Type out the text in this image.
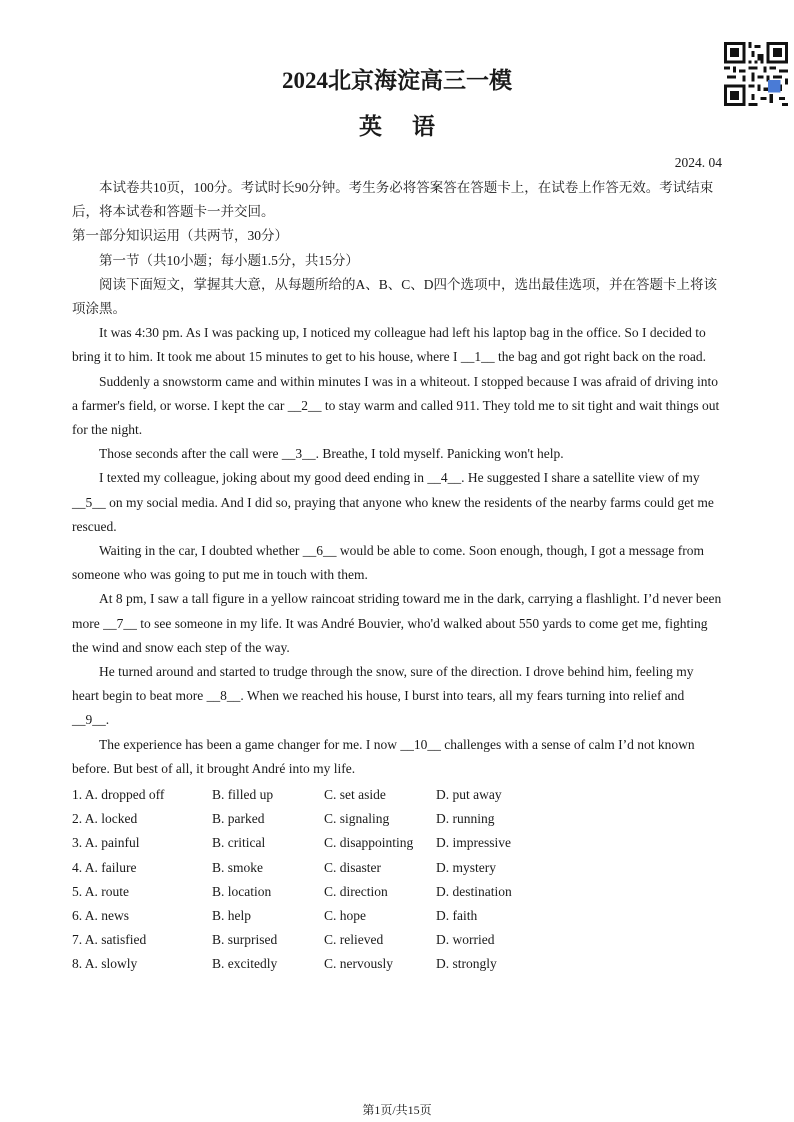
2024北京海淀高三一模
英语
2024. 04

本试卷共10页，100分。考试时长90分钟。考生务必将答案答在答题卡上，在试卷上作答无效。考试结束后，将本试卷和答题卡一并交回。

第一部分知识运用（共两节，30分）

第一节（共10小题；每小题1.5分，共15分）

阅读下面短文，掌握其大意，从每题所给的A、B、C、D四个选项中，选出最佳选项，并在答题卡上将该项涂黑。

It was 4:30 pm. As I was packing up, I noticed my colleague had left his laptop bag in the office. So I decided to bring it to him. It took me about 15 minutes to get to his house, where I __1__ the bag and got right back on the road.

Suddenly a snowstorm came and within minutes I was in a whiteout. I stopped because I was afraid of driving into a farmer's field, or worse. I kept the car __2__ to stay warm and called 911. They told me to sit tight and wait things out for the night.

Those seconds after the call were __3__. Breathe, I told myself. Panicking won't help.

I texted my colleague, joking about my good deed ending in __4__. He suggested I share a satellite view of my __5__ on my social media. And I did so, praying that anyone who knew the residents of the nearby farms could get me rescued.

Waiting in the car, I doubted whether __6__ would be able to come. Soon enough, though, I got a message from someone who was going to put me in touch with them.

At 8 pm, I saw a tall figure in a yellow raincoat striding toward me in the dark, carrying a flashlight. I’d never been more __7__ to see someone in my life. It was André Bouvier, who'd walked about 550 yards to come get me, fighting the wind and snow each step of the way.

He turned around and started to trudge through the snow, sure of the direction. I drove behind him, feeling my heart begin to beat more __8__. When we reached his house, I burst into tears, all my fears turning into relief and __9__.

The experience has been a game changer for me. I now __10__ challenges with a sense of calm I’d not known before. But best of all, it brought André into my life.

1. A. dropped off	B. filled up	C. set aside	D. put away
2. A. locked	B. parked	C. signaling	D. running
3. A. painful	B. critical	C. disappointing	D. impressive
4. A. failure	B. smoke	C. disaster	D. mystery
5. A. route	B. location	C. direction	D. destination
6. A. news	B. help	C. hope	D. faith
7. A. satisfied	B. surprised	C. relieved	D. worried
8. A. slowly	B. excitedly	C. nervously	D. strongly
第1页/共15页
